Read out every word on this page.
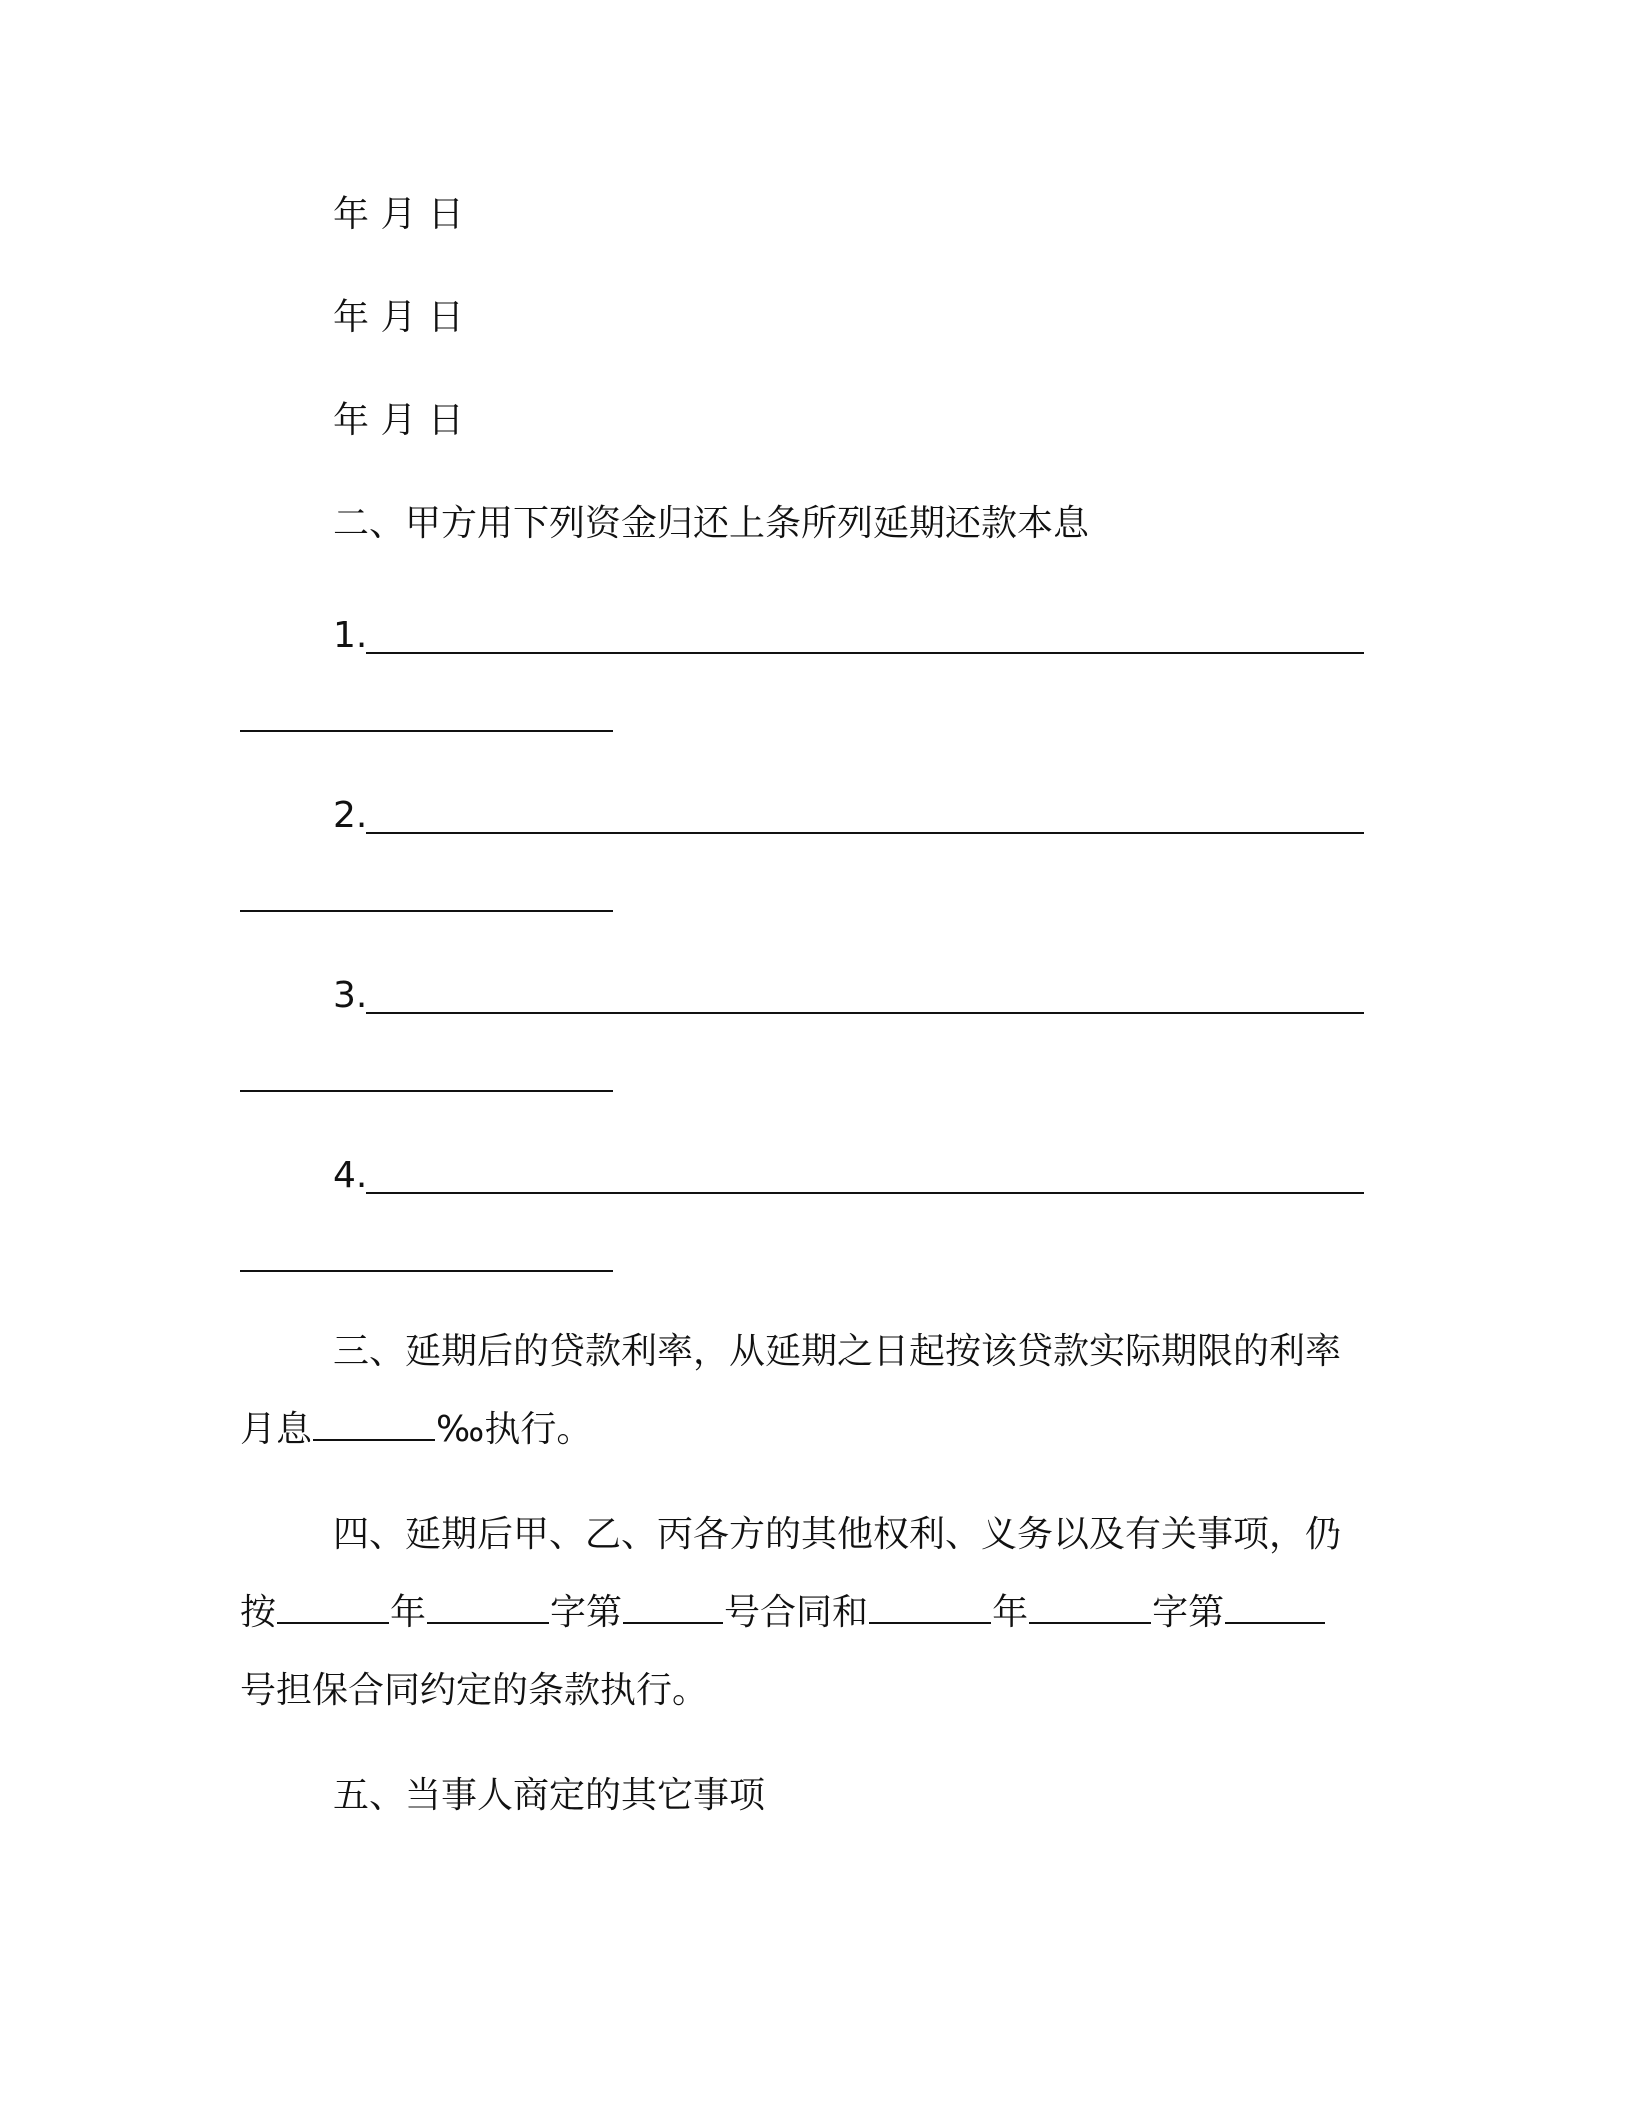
年 月 日
年 月 日
年 月 日
二、甲方用下列资金归还上条所列延期还款本息
1.
2.
3.
4.
三、延期后的贷款利率，从延期之日起按该贷款实际期限的利率
月息	‰执行。
四、延期后甲、乙、丙各方的其他权利、义务以及有关事项，仍
按	年	字第	号合同和	年	字第
号担保合同约定的条款执行。
五、当事人商定的其它事项
